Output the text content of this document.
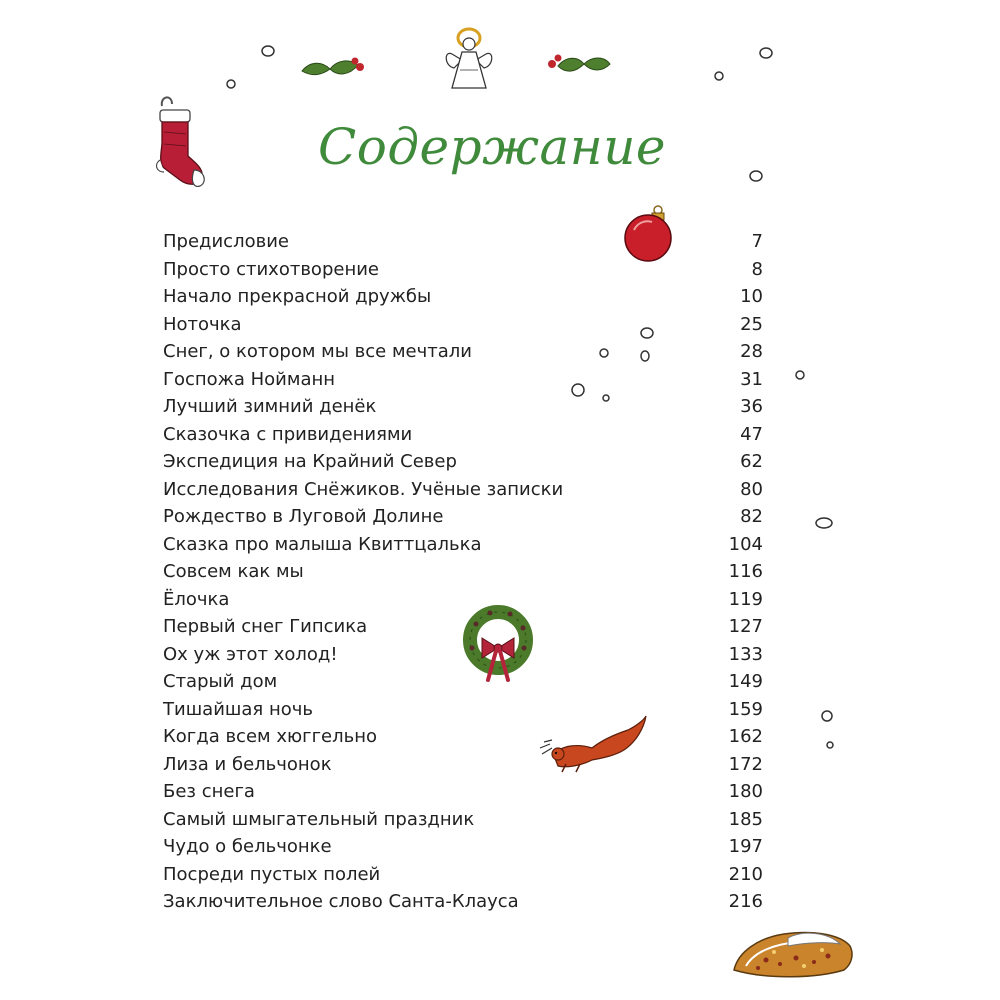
Содержание
Предисловие	7
Просто стихотворение	8
Начало прекрасной дружбы	10
Ноточка	25
Снег, о котором мы все мечтали	28
Госпожа Нойманн	31
Лучший зимний денёк	36
Сказочка с привидениями	47
Экспедиция на Крайний Север	62
Исследования Снёжиков. Учёные записки	80
Рождество в Луговой Долине	82
Сказка про малыша Квиттцалька	104
Совсем как мы	116
Ёлочка	119
Первый снег Гипсика	127
Ох уж этот холод!	133
Старый дом	149
Тишайшая ночь	159
Когда всем хюггельно	162
Лиза и бельчонок	172
Без снега	180
Самый шмыгательный праздник	185
Чудо о бельчонке	197
Посреди пустых полей	210
Заключительное слово Санта-Клауса	216
